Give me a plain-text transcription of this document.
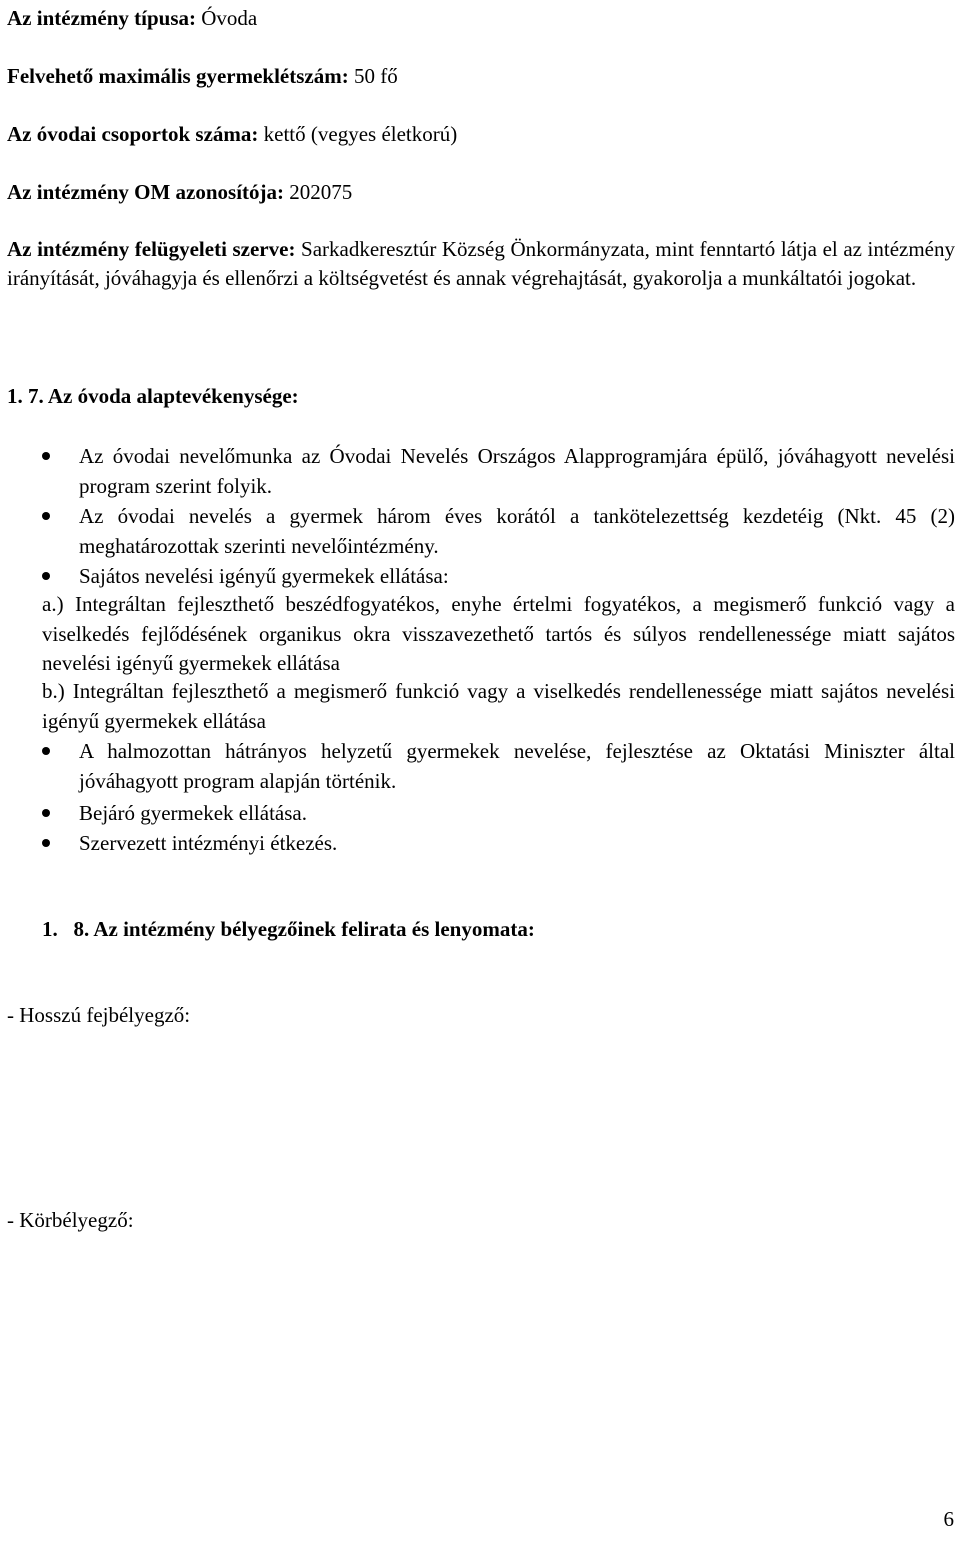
Az intézmény típusa: Óvoda
Felvehető maximális gyermeklétszám: 50 fő
Az óvodai csoportok száma: kettő (vegyes életkorú)
Az intézmény OM azonosítója: 202075
Az intézmény felügyeleti szerve: Sarkadkeresztúr Község Önkormányzata, mint fenntartó látja el az intézmény irányítását, jóváhagyja és ellenőrzi a költségvetést és annak végrehajtását, gyakorolja a munkáltatói jogokat.
1. 7. Az óvoda alaptevékenysége:
Az óvodai nevelőmunka az Óvodai Nevelés Országos Alapprogramjára épülő, jóváhagyott nevelési program szerint folyik.
Az óvodai nevelés a gyermek három éves korától a tankötelezettség kezdetéig (Nkt. 45 (2) meghatározottak szerinti nevelőintézmény.
Sajátos nevelési igényű gyermekek ellátása:
a.) Integráltan fejleszthető beszédfogyatékos, enyhe értelmi fogyatékos, a megismerő funkció vagy a viselkedés fejlődésének organikus okra visszavezethető tartós és súlyos rendellenessége miatt sajátos nevelési igényű gyermekek ellátása
b.) Integráltan fejleszthető a megismerő funkció vagy a viselkedés rendellenessége miatt sajátos nevelési igényű gyermekek ellátása
A halmozottan hátrányos helyzetű gyermekek nevelése, fejlesztése az Oktatási Miniszter által jóváhagyott program alapján történik.
Bejáró gyermekek ellátása.
Szervezett intézményi étkezés.
1.   8. Az intézmény bélyegzőinek felirata és lenyomata:
- Hosszú fejbélyegző:
- Körbélyegző:
6
